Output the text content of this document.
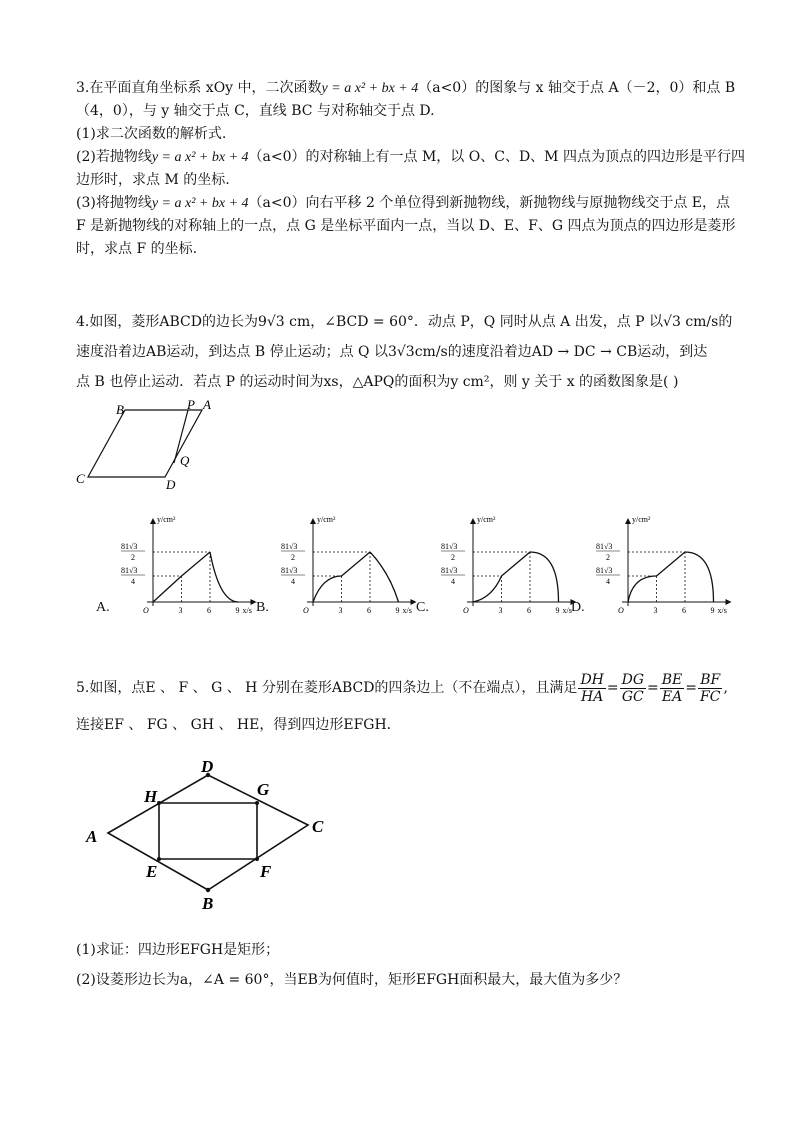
3.在平面直角坐标系 xOy 中，二次函数y = a x² + bx + 4（a<0）的图象与 x 轴交于点 A（－2，0）和点 B
（4，0），与 y 轴交于点 C，直线 BC 与对称轴交于点 D.
(1)求二次函数的解析式.
(2)若抛物线y = a x² + bx + 4（a<0）的对称轴上有一点 M，以 O、C、D、M 四点为顶点的四边形是平行四
边形时，求点 M 的坐标.
(3)将抛物线y = a x² + bx + 4（a<0）向右平移 2 个单位得到新抛物线，新抛物线与原抛物线交于点 E，点
F 是新抛物线的对称轴上的一点，点 G 是坐标平面内一点，当以 D、E、F、G 四点为顶点的四边形是菱形
时，求点 F 的坐标.
4.如图，菱形ABCD的边长为9√3 cm，∠BCD = 60°．动点 P，Q 同时从点 A 出发，点 P 以√3 cm/s的
速度沿着边AB运动，到达点 B 停止运动；点 Q 以3√3cm/s的速度沿着边AD → DC → CB运动，到达
点 B 也停止运动．若点 P 的运动时间为xs，△APQ的面积为y cm²，则 y 关于 x 的函数图象是( )
B	P A
C	D
Q
y/cm²
x/s
O	3	6	9
81√3
2
81√3
4
y/cm²
x/s
O	3	6	9
81√3
2
81√3
4
y/cm²
x/s
O	3	6	9
81√3
2
81√3
4
y/cm²
x/s
O	3	6	9
81√3
2
81√3
4
A.	B.	C.	D.
5.如图，点E 、 F 、 G 、 H 分别在菱形ABCD的四条边上（不在端点），且满足 $\frac{DH}{HA} = \frac{DG}{GC} = \frac{BE}{EA} = \frac{BF}{FC}$ ,
连接EF 、 FG 、 GH 、 HE，得到四边形EFGH．
D
H	G
A
C
E	F
B
(1)求证：四边形EFGH是矩形；
(2)设菱形边长为a，∠A = 60°，当EB为何值时，矩形EFGH面积最大，最大值为多少？
